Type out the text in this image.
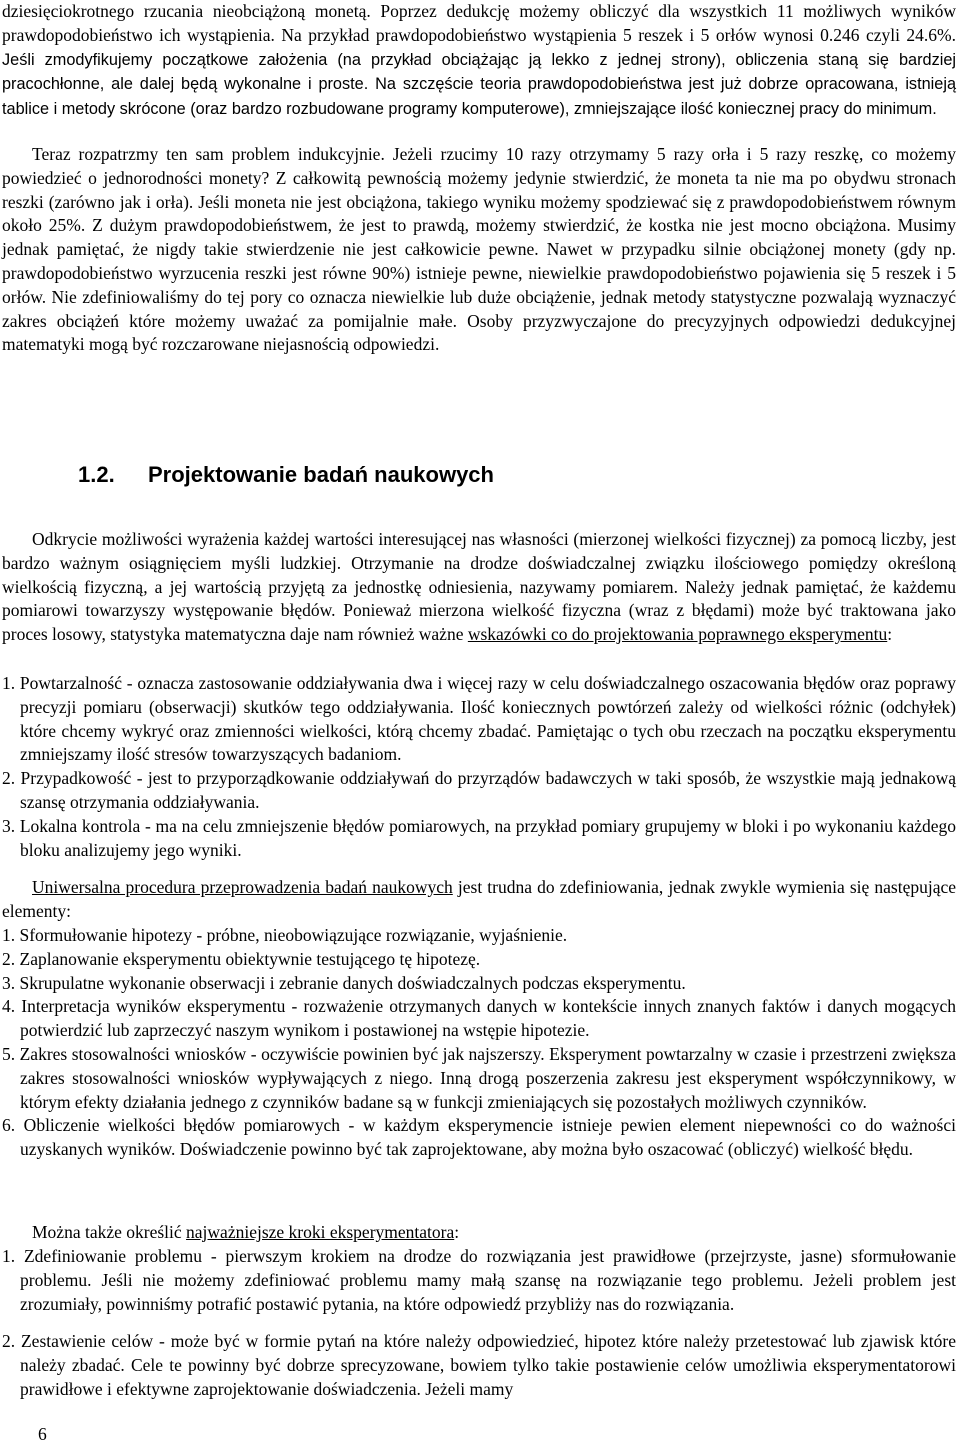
dziesięciokrotnego rzucania nieobciążoną monetą. Poprzez dedukcję możemy obliczyć dla wszystkich 11 możliwych wyników prawdopodobieństwo ich wystąpienia. Na przykład prawdopodobieństwo wystąpienia 5 reszek i 5 orłów wynosi 0.246 czyli 24.6%. Jeśli zmodyfikujemy początkowe założenia (na przykład obciążając ją lekko z jednej strony), obliczenia staną się bardziej pracochłonne, ale dalej będą wykonalne i proste. Na szczęście teoria prawdopodobieństwa jest już dobrze opracowana, istnieją tablice i metody skrócone (oraz bardzo rozbudowane programy komputerowe), zmniejszające ilość koniecznej pracy do minimum.

Teraz rozpatrzmy ten sam problem indukcyjnie. Jeżeli rzucimy 10 razy otrzymamy 5 razy orła i 5 razy reszkę, co możemy powiedzieć o jednorodności monety? Z całkowitą pewnością możemy jedynie stwierdzić, że moneta ta nie ma po obydwu stronach reszki (zarówno jak i orła). Jeśli moneta nie jest obciążona, takiego wyniku możemy spodziewać się z prawdopodobieństwem równym około 25%. Z dużym prawdopodobieństwem, że jest to prawdą, możemy stwierdzić, że kostka nie jest mocno obciążona. Musimy jednak pamiętać, że nigdy takie stwierdzenie nie jest całkowicie pewne. Nawet w przypadku silnie obciążonej monety (gdy np. prawdopodobieństwo wyrzucenia reszki jest równe 90%) istnieje pewne, niewielkie prawdopodobieństwo pojawienia się 5 reszek i 5 orłów. Nie zdefiniowaliśmy do tej pory co oznacza niewielkie lub duże obciążenie, jednak metody statystyczne pozwalają wyznaczyć zakres obciążeń które możemy uważać za pomijalnie małe. Osoby przyzwyczajone do precyzyjnych odpowiedzi dedukcyjnej matematyki mogą być rozczarowane niejasnością odpowiedzi.

1.2. Projektowanie badań naukowych

Odkrycie możliwości wyrażenia każdej wartości interesującej nas własności (mierzonej wielkości fizycznej) za pomocą liczby, jest bardzo ważnym osiągnięciem myśli ludzkiej. Otrzymanie na drodze doświadczalnej związku ilościowego pomiędzy określoną wielkością fizyczną, a jej wartością przyjętą za jednostkę odniesienia, nazywamy pomiarem. Należy jednak pamiętać, że każdemu pomiarowi towarzyszy występowanie błędów. Ponieważ mierzona wielkość fizyczna (wraz z błędami) może być traktowana jako proces losowy, statystyka matematyczna daje nam również ważne wskazówki co do projektowania poprawnego eksperymentu:

1. Powtarzalność - oznacza zastosowanie oddziaływania dwa i więcej razy w celu doświadczalnego oszacowania błędów oraz poprawy precyzji pomiaru (obserwacji) skutków tego oddziaływania. Ilość koniecznych powtórzeń zależy od wielkości różnic (odchyłek) które chcemy wykryć oraz zmienności wielkości, którą chcemy zbadać. Pamiętając o tych obu rzeczach na początku eksperymentu zmniejszamy ilość stresów towarzyszących badaniom.
2. Przypadkowość - jest to przyporządkowanie oddziaływań do przyrządów badawczych w taki sposób, że wszystkie mają jednakową szansę otrzymania oddziaływania.
3. Lokalna kontrola - ma na celu zmniejszenie błędów pomiarowych, na przykład pomiary grupujemy w bloki i po wykonaniu każdego bloku analizujemy jego wyniki.

Uniwersalna procedura przeprowadzenia badań naukowych jest trudna do zdefiniowania, jednak zwykle wymienia się następujące elementy:

1. Sformułowanie hipotezy - próbne, nieobowiązujące rozwiązanie, wyjaśnienie.
2. Zaplanowanie eksperymentu obiektywnie testującego tę hipotezę.
3. Skrupulatne wykonanie obserwacji i zebranie danych doświadczalnych podczas eksperymentu.
4. Interpretacja wyników eksperymentu - rozważenie otrzymanych danych w kontekście innych znanych faktów i danych mogących potwierdzić lub zaprzeczyć naszym wynikom i postawionej na wstępie hipotezie.
5. Zakres stosowalności wniosków - oczywiście powinien być jak najszerszy. Eksperyment powtarzalny w czasie i przestrzeni zwiększa zakres stosowalności wniosków wypływających z niego. Inną drogą poszerzenia zakresu jest eksperyment współczynnikowy, w którym efekty działania jednego z czynników badane są w funkcji zmieniających się pozostałych możliwych czynników.
6. Obliczenie wielkości błędów pomiarowych - w każdym eksperymencie istnieje pewien element niepewności co do ważności uzyskanych wyników. Doświadczenie powinno być tak zaprojektowane, aby można było oszacować (obliczyć) wielkość błędu.

Można także określić najważniejsze kroki eksperymentatora:

1. Zdefiniowanie problemu - pierwszym krokiem na drodze do rozwiązania jest prawidłowe (przejrzyste, jasne) sformułowanie problemu. Jeśli nie możemy zdefiniować problemu mamy małą szansę na rozwiązanie tego problemu. Jeżeli problem jest zrozumiały, powinniśmy potrafić postawić pytania, na które odpowiedź przybliży nas do rozwiązania.
2. Zestawienie celów - może być w formie pytań na które należy odpowiedzieć, hipotez które należy przetestować lub zjawisk które należy zbadać. Cele te powinny być dobrze sprecyzowane, bowiem tylko takie postawienie celów umożliwia eksperymentatorowi prawidłowe i efektywne zaprojektowanie doświadczenia. Jeżeli mamy
6
